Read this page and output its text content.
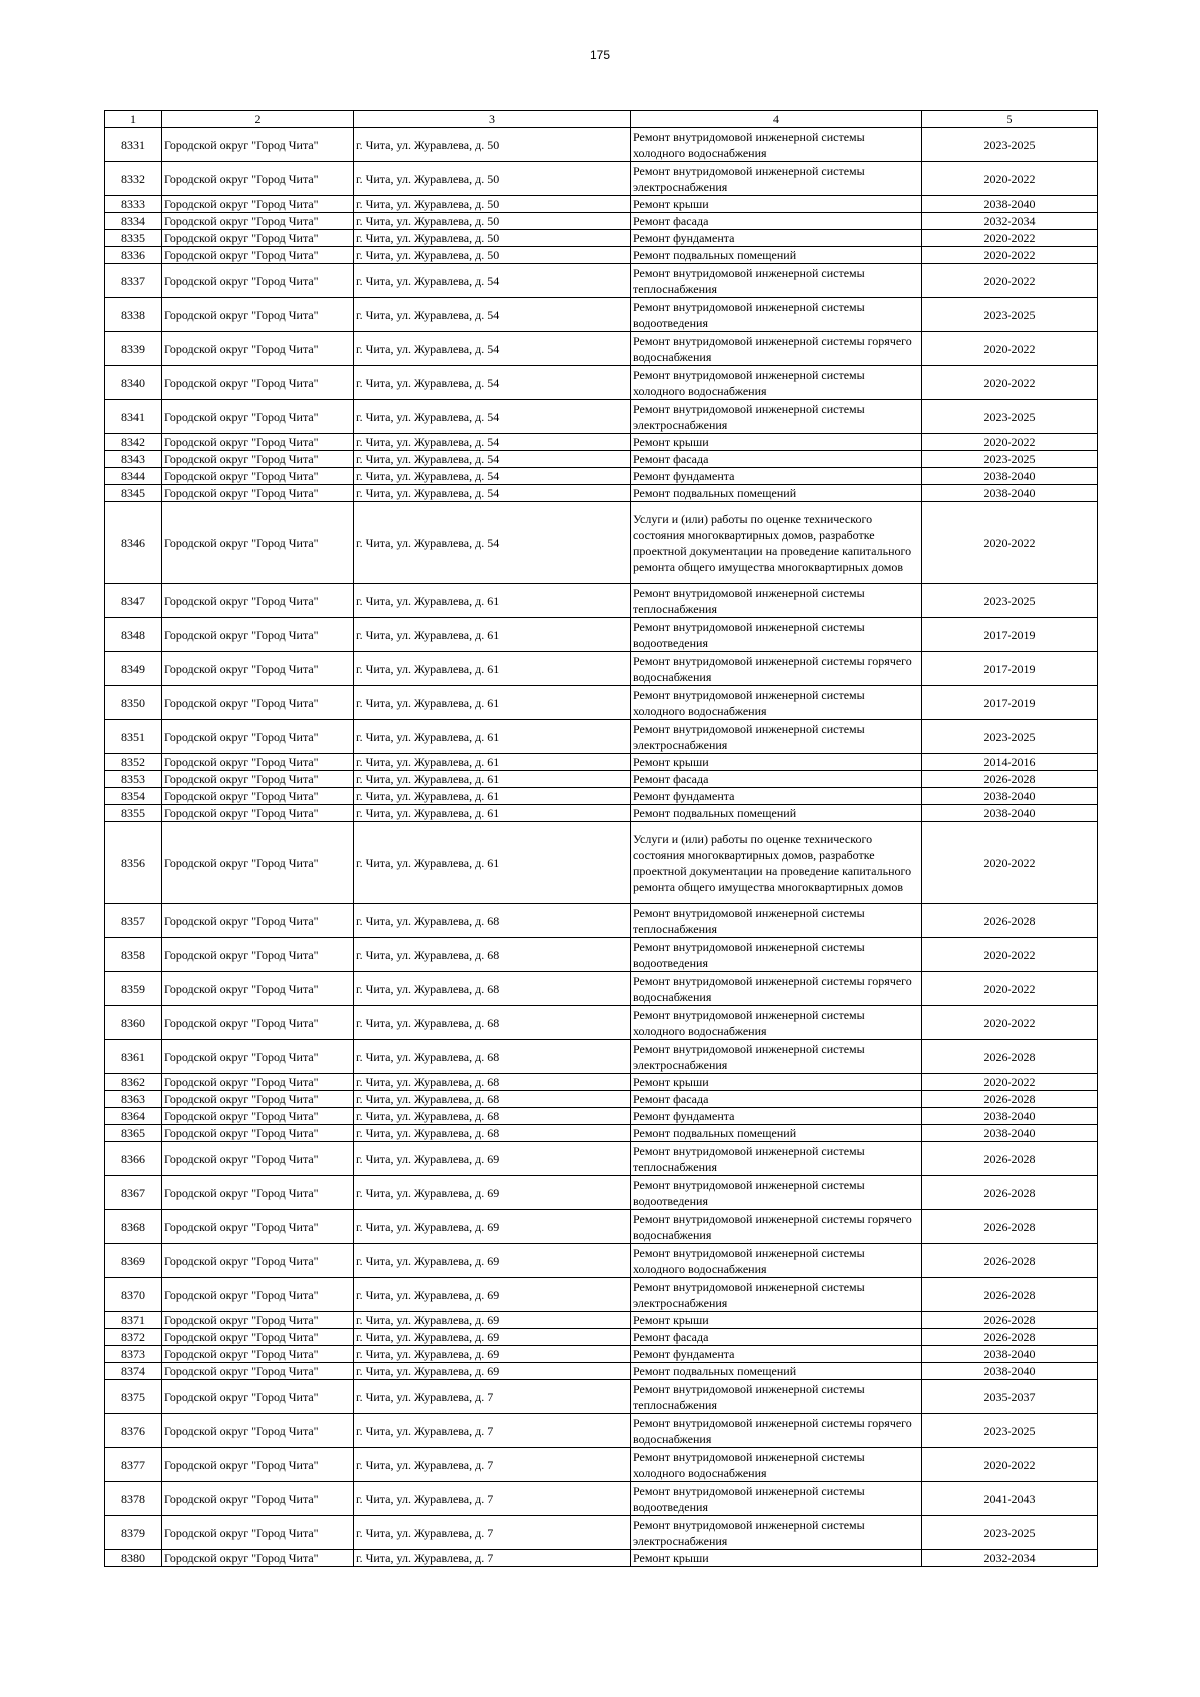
175
1	2	3	4	5
8331	Городской округ "Город Чита"	г. Чита, ул. Журавлева, д. 50	Ремонт внутридомовой инженерной системы холодного водоснабжения	2023-2025
8332	Городской округ "Город Чита"	г. Чита, ул. Журавлева, д. 50	Ремонт внутридомовой инженерной системы электроснабжения	2020-2022
8333	Городской округ "Город Чита"	г. Чита, ул. Журавлева, д. 50	Ремонт крыши	2038-2040
8334	Городской округ "Город Чита"	г. Чита, ул. Журавлева, д. 50	Ремонт фасада	2032-2034
8335	Городской округ "Город Чита"	г. Чита, ул. Журавлева, д. 50	Ремонт фундамента	2020-2022
8336	Городской округ "Город Чита"	г. Чита, ул. Журавлева, д. 50	Ремонт подвальных помещений	2020-2022
8337	Городской округ "Город Чита"	г. Чита, ул. Журавлева, д. 54	Ремонт внутридомовой инженерной системы теплоснабжения	2020-2022
8338	Городской округ "Город Чита"	г. Чита, ул. Журавлева, д. 54	Ремонт внутридомовой инженерной системы водоотведения	2023-2025
8339	Городской округ "Город Чита"	г. Чита, ул. Журавлева, д. 54	Ремонт внутридомовой инженерной системы горячего водоснабжения	2020-2022
8340	Городской округ "Город Чита"	г. Чита, ул. Журавлева, д. 54	Ремонт внутридомовой инженерной системы холодного водоснабжения	2020-2022
8341	Городской округ "Город Чита"	г. Чита, ул. Журавлева, д. 54	Ремонт внутридомовой инженерной системы электроснабжения	2023-2025
8342	Городской округ "Город Чита"	г. Чита, ул. Журавлева, д. 54	Ремонт крыши	2020-2022
8343	Городской округ "Город Чита"	г. Чита, ул. Журавлева, д. 54	Ремонт фасада	2023-2025
8344	Городской округ "Город Чита"	г. Чита, ул. Журавлева, д. 54	Ремонт фундамента	2038-2040
8345	Городской округ "Город Чита"	г. Чита, ул. Журавлева, д. 54	Ремонт подвальных помещений	2038-2040
8346	Городской округ "Город Чита"	г. Чита, ул. Журавлева, д. 54	Услуги и (или) работы по оценке технического состояния многоквартирных домов, разработке проектной документации на проведение капитального ремонта общего имущества многоквартирных домов	2020-2022
8347	Городской округ "Город Чита"	г. Чита, ул. Журавлева, д. 61	Ремонт внутридомовой инженерной системы теплоснабжения	2023-2025
8348	Городской округ "Город Чита"	г. Чита, ул. Журавлева, д. 61	Ремонт внутридомовой инженерной системы водоотведения	2017-2019
8349	Городской округ "Город Чита"	г. Чита, ул. Журавлева, д. 61	Ремонт внутридомовой инженерной системы горячего водоснабжения	2017-2019
8350	Городской округ "Город Чита"	г. Чита, ул. Журавлева, д. 61	Ремонт внутридомовой инженерной системы холодного водоснабжения	2017-2019
8351	Городской округ "Город Чита"	г. Чита, ул. Журавлева, д. 61	Ремонт внутридомовой инженерной системы электроснабжения	2023-2025
8352	Городской округ "Город Чита"	г. Чита, ул. Журавлева, д. 61	Ремонт крыши	2014-2016
8353	Городской округ "Город Чита"	г. Чита, ул. Журавлева, д. 61	Ремонт фасада	2026-2028
8354	Городской округ "Город Чита"	г. Чита, ул. Журавлева, д. 61	Ремонт фундамента	2038-2040
8355	Городской округ "Город Чита"	г. Чита, ул. Журавлева, д. 61	Ремонт подвальных помещений	2038-2040
8356	Городской округ "Город Чита"	г. Чита, ул. Журавлева, д. 61	Услуги и (или) работы по оценке технического состояния многоквартирных домов, разработке проектной документации на проведение капитального ремонта общего имущества многоквартирных домов	2020-2022
8357	Городской округ "Город Чита"	г. Чита, ул. Журавлева, д. 68	Ремонт внутридомовой инженерной системы теплоснабжения	2026-2028
8358	Городской округ "Город Чита"	г. Чита, ул. Журавлева, д. 68	Ремонт внутридомовой инженерной системы водоотведения	2020-2022
8359	Городской округ "Город Чита"	г. Чита, ул. Журавлева, д. 68	Ремонт внутридомовой инженерной системы горячего водоснабжения	2020-2022
8360	Городской округ "Город Чита"	г. Чита, ул. Журавлева, д. 68	Ремонт внутридомовой инженерной системы холодного водоснабжения	2020-2022
8361	Городской округ "Город Чита"	г. Чита, ул. Журавлева, д. 68	Ремонт внутридомовой инженерной системы электроснабжения	2026-2028
8362	Городской округ "Город Чита"	г. Чита, ул. Журавлева, д. 68	Ремонт крыши	2020-2022
8363	Городской округ "Город Чита"	г. Чита, ул. Журавлева, д. 68	Ремонт фасада	2026-2028
8364	Городской округ "Город Чита"	г. Чита, ул. Журавлева, д. 68	Ремонт фундамента	2038-2040
8365	Городской округ "Город Чита"	г. Чита, ул. Журавлева, д. 68	Ремонт подвальных помещений	2038-2040
8366	Городской округ "Город Чита"	г. Чита, ул. Журавлева, д. 69	Ремонт внутридомовой инженерной системы теплоснабжения	2026-2028
8367	Городской округ "Город Чита"	г. Чита, ул. Журавлева, д. 69	Ремонт внутридомовой инженерной системы водоотведения	2026-2028
8368	Городской округ "Город Чита"	г. Чита, ул. Журавлева, д. 69	Ремонт внутридомовой инженерной системы горячего водоснабжения	2026-2028
8369	Городской округ "Город Чита"	г. Чита, ул. Журавлева, д. 69	Ремонт внутридомовой инженерной системы холодного водоснабжения	2026-2028
8370	Городской округ "Город Чита"	г. Чита, ул. Журавлева, д. 69	Ремонт внутридомовой инженерной системы электроснабжения	2026-2028
8371	Городской округ "Город Чита"	г. Чита, ул. Журавлева, д. 69	Ремонт крыши	2026-2028
8372	Городской округ "Город Чита"	г. Чита, ул. Журавлева, д. 69	Ремонт фасада	2026-2028
8373	Городской округ "Город Чита"	г. Чита, ул. Журавлева, д. 69	Ремонт фундамента	2038-2040
8374	Городской округ "Город Чита"	г. Чита, ул. Журавлева, д. 69	Ремонт подвальных помещений	2038-2040
8375	Городской округ "Город Чита"	г. Чита, ул. Журавлева, д. 7	Ремонт внутридомовой инженерной системы теплоснабжения	2035-2037
8376	Городской округ "Город Чита"	г. Чита, ул. Журавлева, д. 7	Ремонт внутридомовой инженерной системы горячего водоснабжения	2023-2025
8377	Городской округ "Город Чита"	г. Чита, ул. Журавлева, д. 7	Ремонт внутридомовой инженерной системы холодного водоснабжения	2020-2022
8378	Городской округ "Город Чита"	г. Чита, ул. Журавлева, д. 7	Ремонт внутридомовой инженерной системы водоотведения	2041-2043
8379	Городской округ "Город Чита"	г. Чита, ул. Журавлева, д. 7	Ремонт внутридомовой инженерной системы электроснабжения	2023-2025
8380	Городской округ "Город Чита"	г. Чита, ул. Журавлева, д. 7	Ремонт крыши	2032-2034
